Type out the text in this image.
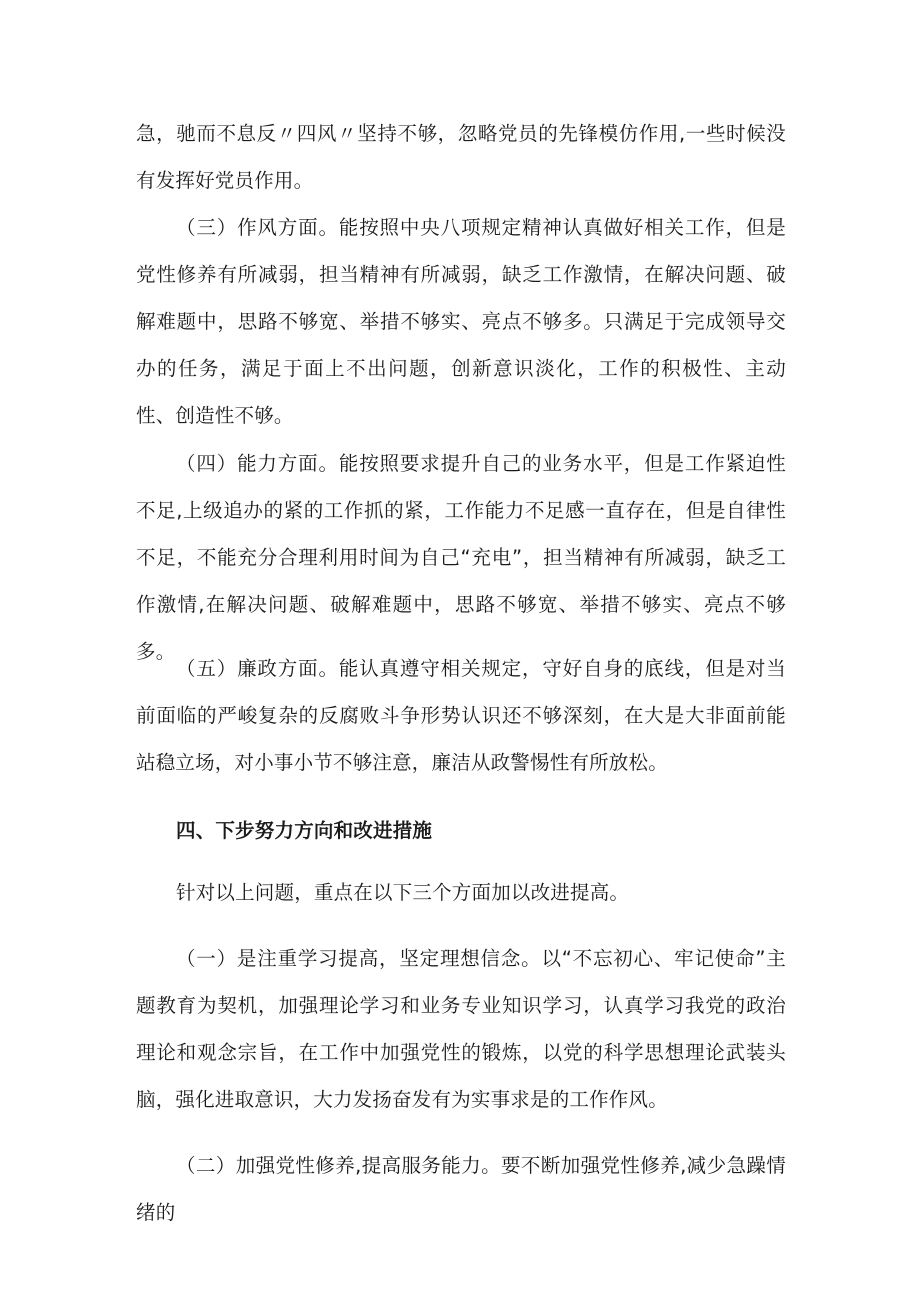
急，驰而不息反〃四风〃坚持不够，忽略党员的先锋模仿作用,一些时候没有发挥好党员作用。

（三）作风方面。能按照中央八项规定精神认真做好相关工作，但是党性修养有所减弱，担当精神有所减弱，缺乏工作激情，在解决问题、破解难题中，思路不够宽、举措不够实、亮点不够多。只满足于完成领导交办的任务，满足于面上不出问题，创新意识淡化，工作的积极性、主动性、创造性不够。

（四）能力方面。能按照要求提升自己的业务水平，但是工作紧迫性不足,上级追办的紧的工作抓的紧，工作能力不足感一直存在，但是自律性不足，不能充分合理利用时间为自己“充电”，担当精神有所减弱，缺乏工作激情,在解决问题、破解难题中，思路不够宽、举措不够实、亮点不够多。

（五）廉政方面。能认真遵守相关规定，守好自身的底线，但是对当前面临的严峻复杂的反腐败斗争形势认识还不够深刻，在大是大非面前能站稳立场，对小事小节不够注意，廉洁从政警惕性有所放松。

四、下步努力方向和改进措施

针对以上问题，重点在以下三个方面加以改进提高。

（一）是注重学习提高，坚定理想信念。以“不忘初心、牢记使命”主题教育为契机，加强理论学习和业务专业知识学习，认真学习我党的政治理论和观念宗旨，在工作中加强党性的锻炼，以党的科学思想理论武装头脑，强化进取意识，大力发扬奋发有为实事求是的工作作风。

（二）加强党性修养,提高服务能力。要不断加强党性修养,减少急躁情绪的
